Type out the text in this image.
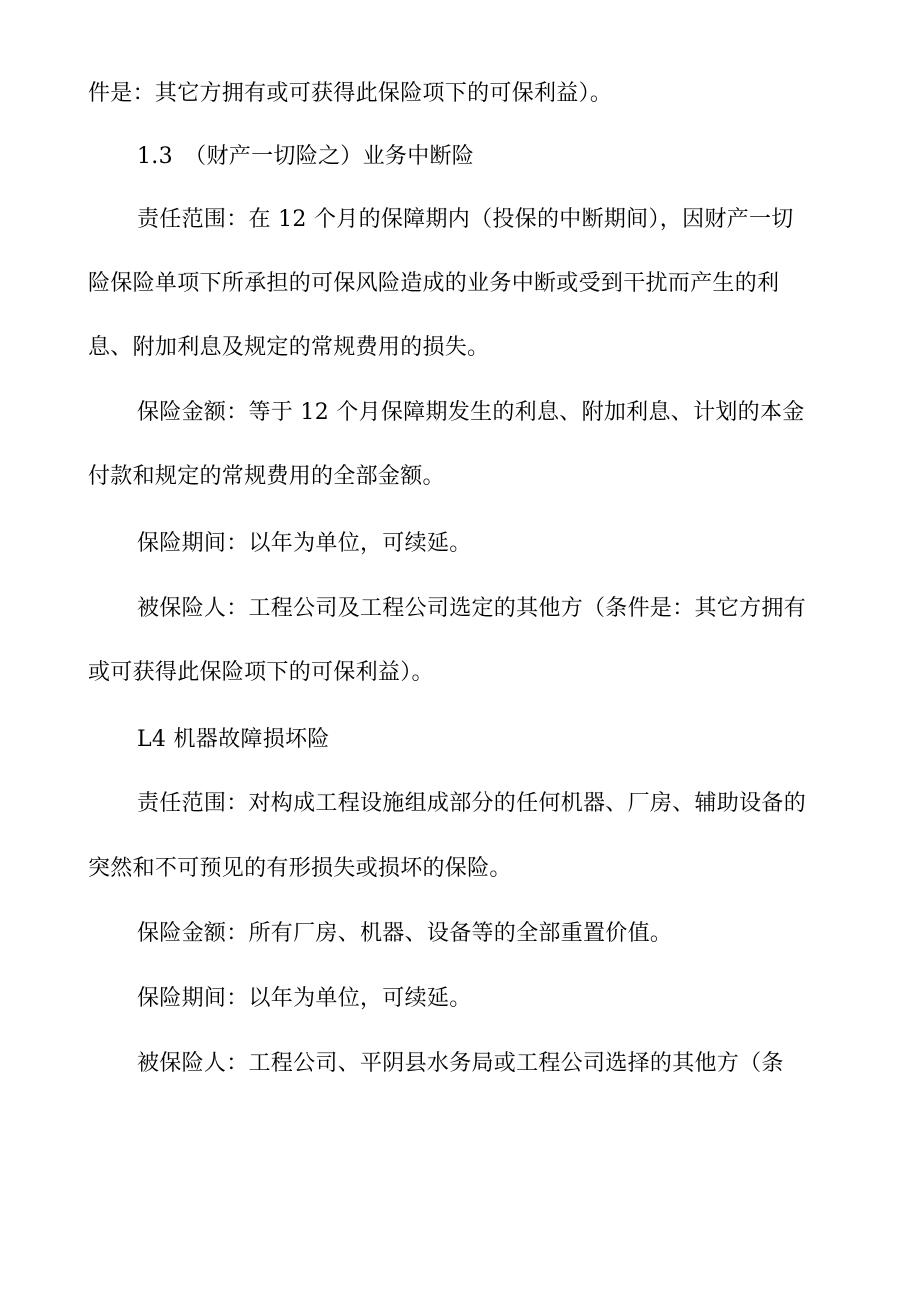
件是：其它方拥有或可获得此保险项下的可保利益）。
1.3　（财产一切险之）业务中断险
责任范围：在 12 个月的保障期内（投保的中断期间），因财产一切
险保险单项下所承担的可保风险造成的业务中断或受到干扰而产生的利
息、附加利息及规定的常规费用的损失。
保险金额：等于 12 个月保障期发生的利息、附加利息、计划的本金
付款和规定的常规费用的全部金额。
保险期间：以年为单位，可续延。
被保险人：工程公司及工程公司选定的其他方（条件是：其它方拥有
或可获得此保险项下的可保利益）。
L4 机器故障损坏险
责任范围：对构成工程设施组成部分的任何机器、厂房、辅助设备的
突然和不可预见的有形损失或损坏的保险。
保险金额：所有厂房、机器、设备等的全部重置价值。
保险期间：以年为单位，可续延。
被保险人：工程公司、平阴县水务局或工程公司选择的其他方（条
